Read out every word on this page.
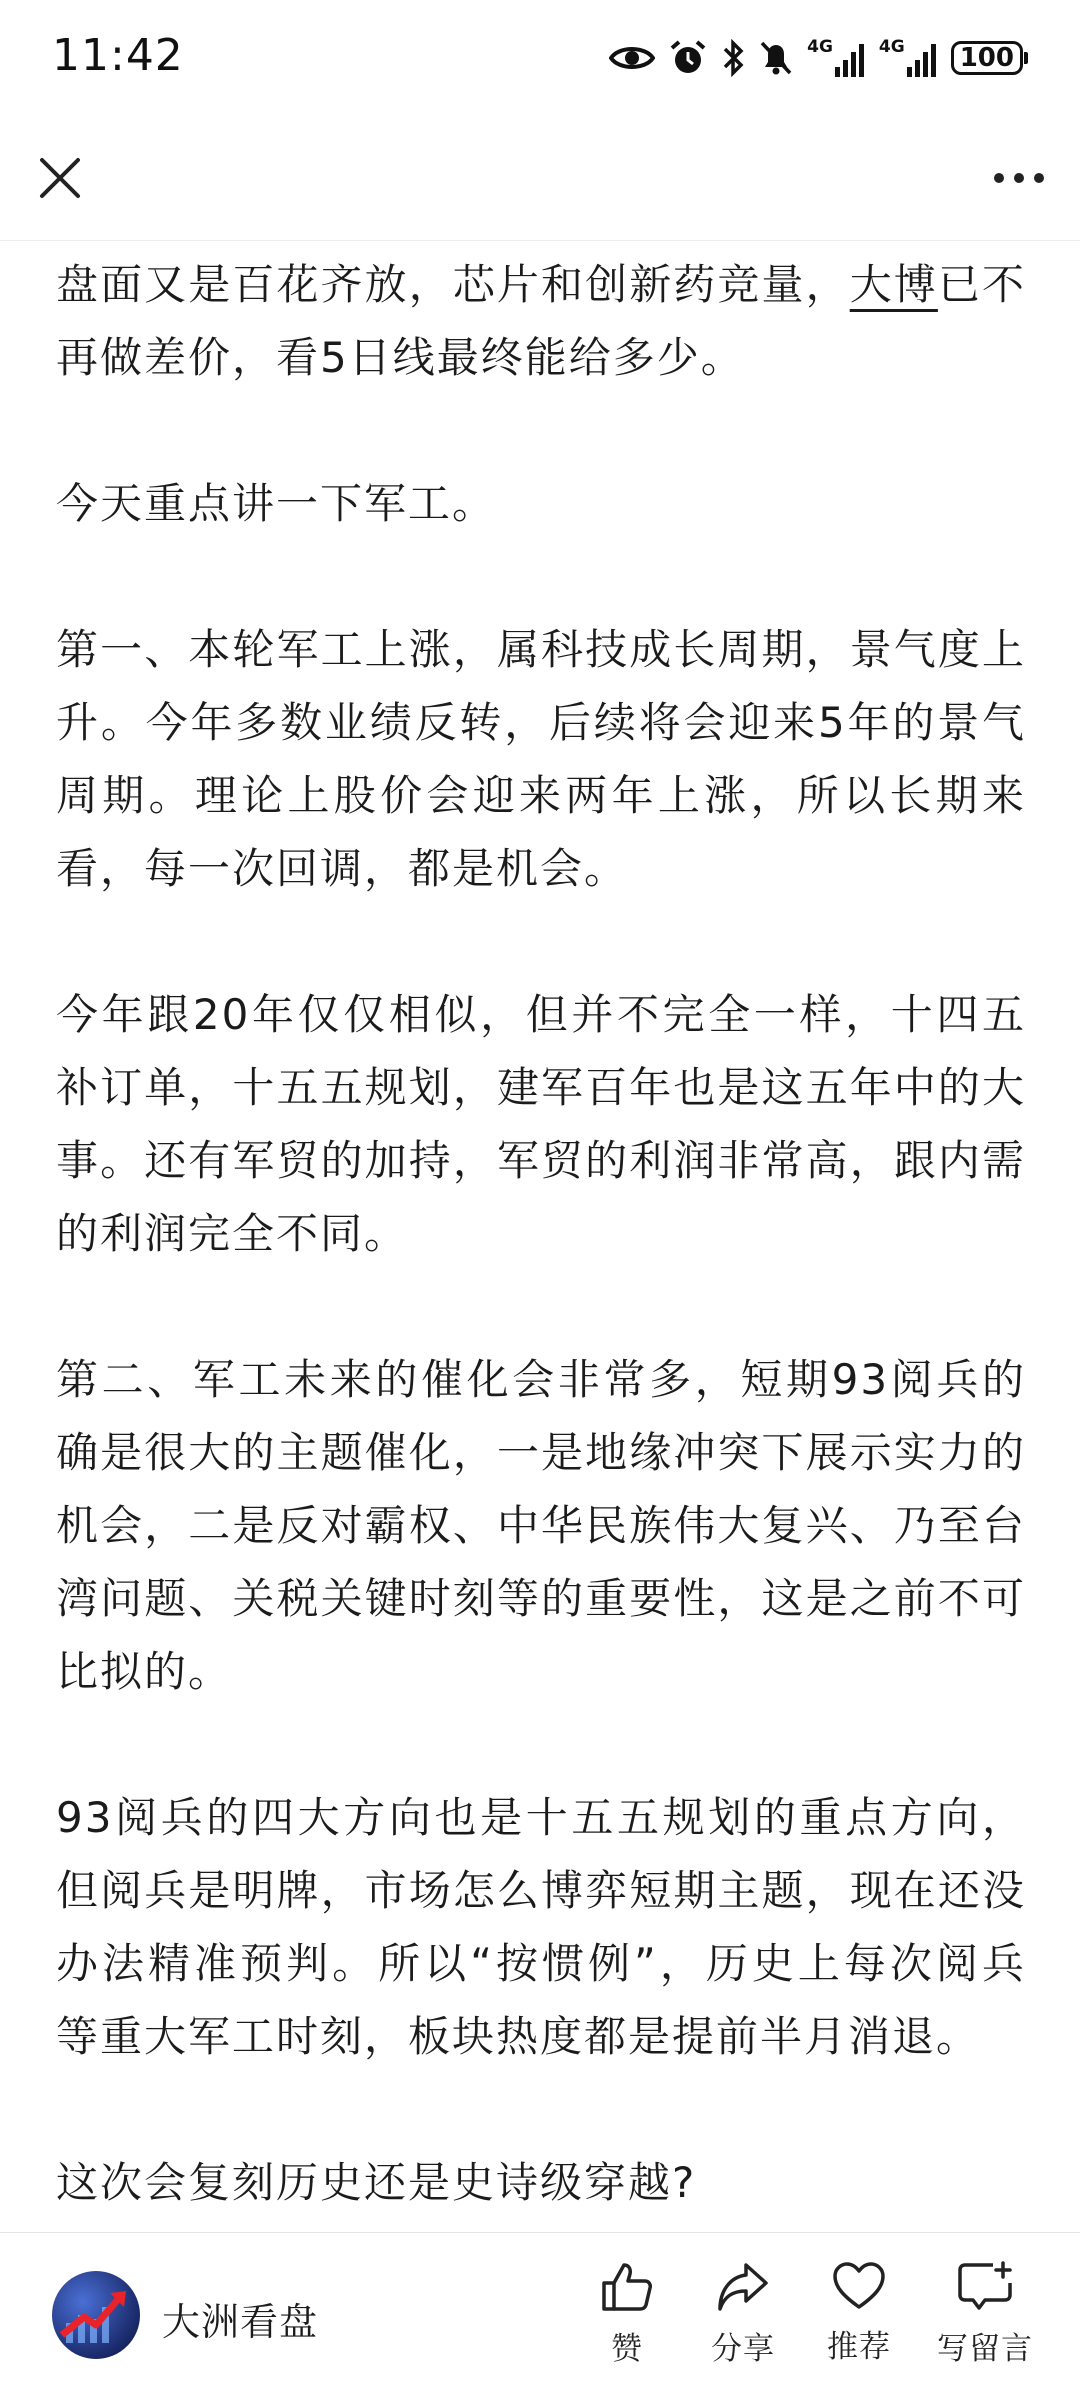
11:42	4G	4G	100

盘面又是百花齐放，芯片和创新药竞量，大博已不再做差价，看5日线最终能给多少。

今天重点讲一下军工。

第一、本轮军工上涨，属科技成长周期，景气度上升。今年多数业绩反转，后续将会迎来5年的景气周期。理论上股价会迎来两年上涨，所以长期来看，每一次回调，都是机会。

今年跟20年仅仅相似，但并不完全一样，十四五补订单，十五五规划，建军百年也是这五年中的大事。还有军贸的加持，军贸的利润非常高，跟内需的利润完全不同。

第二、军工未来的催化会非常多，短期93阅兵的确是很大的主题催化，一是地缘冲突下展示实力的机会，二是反对霸权、中华民族伟大复兴、乃至台湾问题、关税关键时刻等的重要性，这是之前不可比拟的。

93阅兵的四大方向也是十五五规划的重点方向，但阅兵是明牌，市场怎么博弈短期主题，现在还没办法精准预判。所以“按惯例”，历史上每次阅兵等重大军工时刻，板块热度都是提前半月消退。

这次会复刻历史还是史诗级穿越?

大洲看盘
赞 分享 推荐 写留言
